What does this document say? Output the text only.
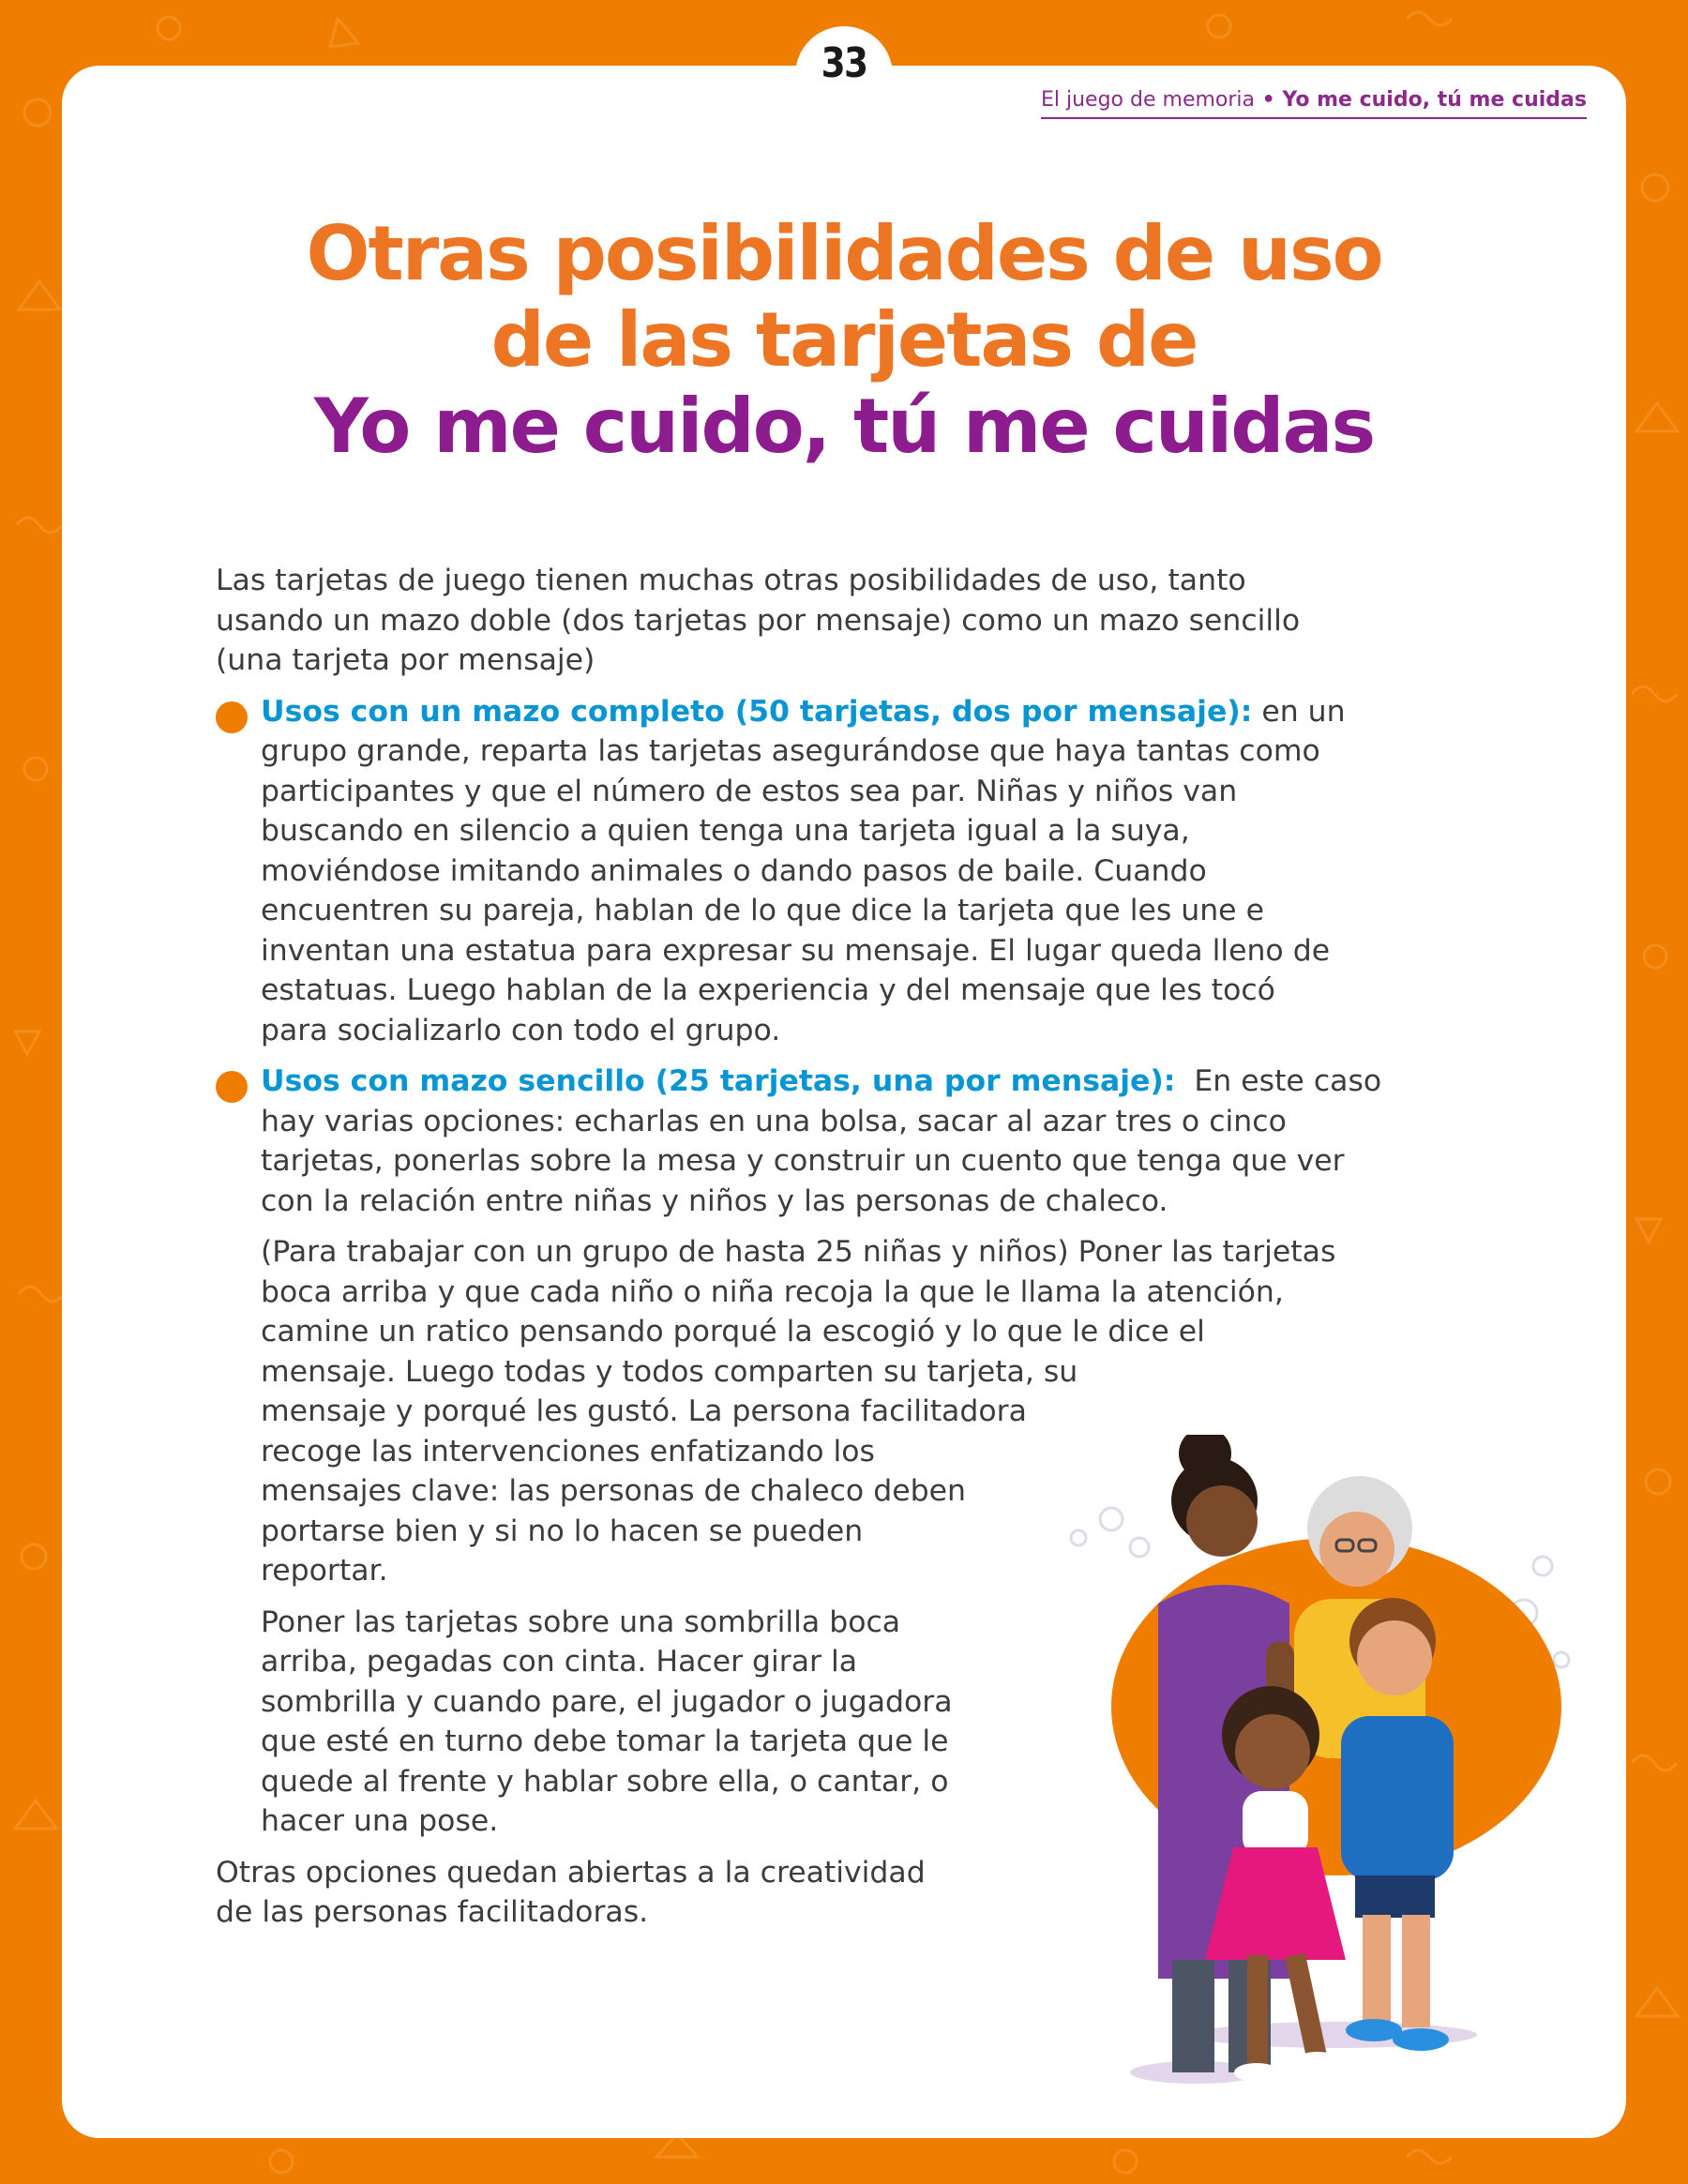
33
El juego de memoria • Yo me cuido, tú me cuidas
Otras posibilidades de uso
de las tarjetas de
Yo me cuido, tú me cuidas

Las tarjetas de juego tienen muchas otras posibilidades de uso, tanto
usando un mazo doble (dos tarjetas por mensaje) como un mazo sencillo
(una tarjeta por mensaje)

Usos con un mazo completo (50 tarjetas, dos por mensaje): en un
grupo grande, reparta las tarjetas asegurándose que haya tantas como
participantes y que el número de estos sea par. Niñas y niños van
buscando en silencio a quien tenga una tarjeta igual a la suya,
moviéndose imitando animales o dando pasos de baile. Cuando
encuentren su pareja, hablan de lo que dice la tarjeta que les une e
inventan una estatua para expresar su mensaje. El lugar queda lleno de
estatuas. Luego hablan de la experiencia y del mensaje que les tocó
para socializarlo con todo el grupo.
Usos con mazo sencillo (25 tarjetas, una por mensaje):  En este caso
hay varias opciones: echarlas en una bolsa, sacar al azar tres o cinco
tarjetas, ponerlas sobre la mesa y construir un cuento que tenga que ver
con la relación entre niñas y niños y las personas de chaleco.

(Para trabajar con un grupo de hasta 25 niñas y niños) Poner las tarjetas
boca arriba y que cada niño o niña recoja la que le llama la atención,
camine un ratico pensando porqué la escogió y lo que le dice el
mensaje. Luego todas y todos comparten su tarjeta, su
mensaje y porqué les gustó. La persona facilitadora
recoge las intervenciones enfatizando los
mensajes clave: las personas de chaleco deben
portarse bien y si no lo hacen se pueden
reportar.

Poner las tarjetas sobre una sombrilla boca
arriba, pegadas con cinta. Hacer girar la
sombrilla y cuando pare, el jugador o jugadora
que esté en turno debe tomar la tarjeta que le
quede al frente y hablar sobre ella, o cantar, o
hacer una pose.

Otras opciones quedan abiertas a la creatividad
de las personas facilitadoras.
